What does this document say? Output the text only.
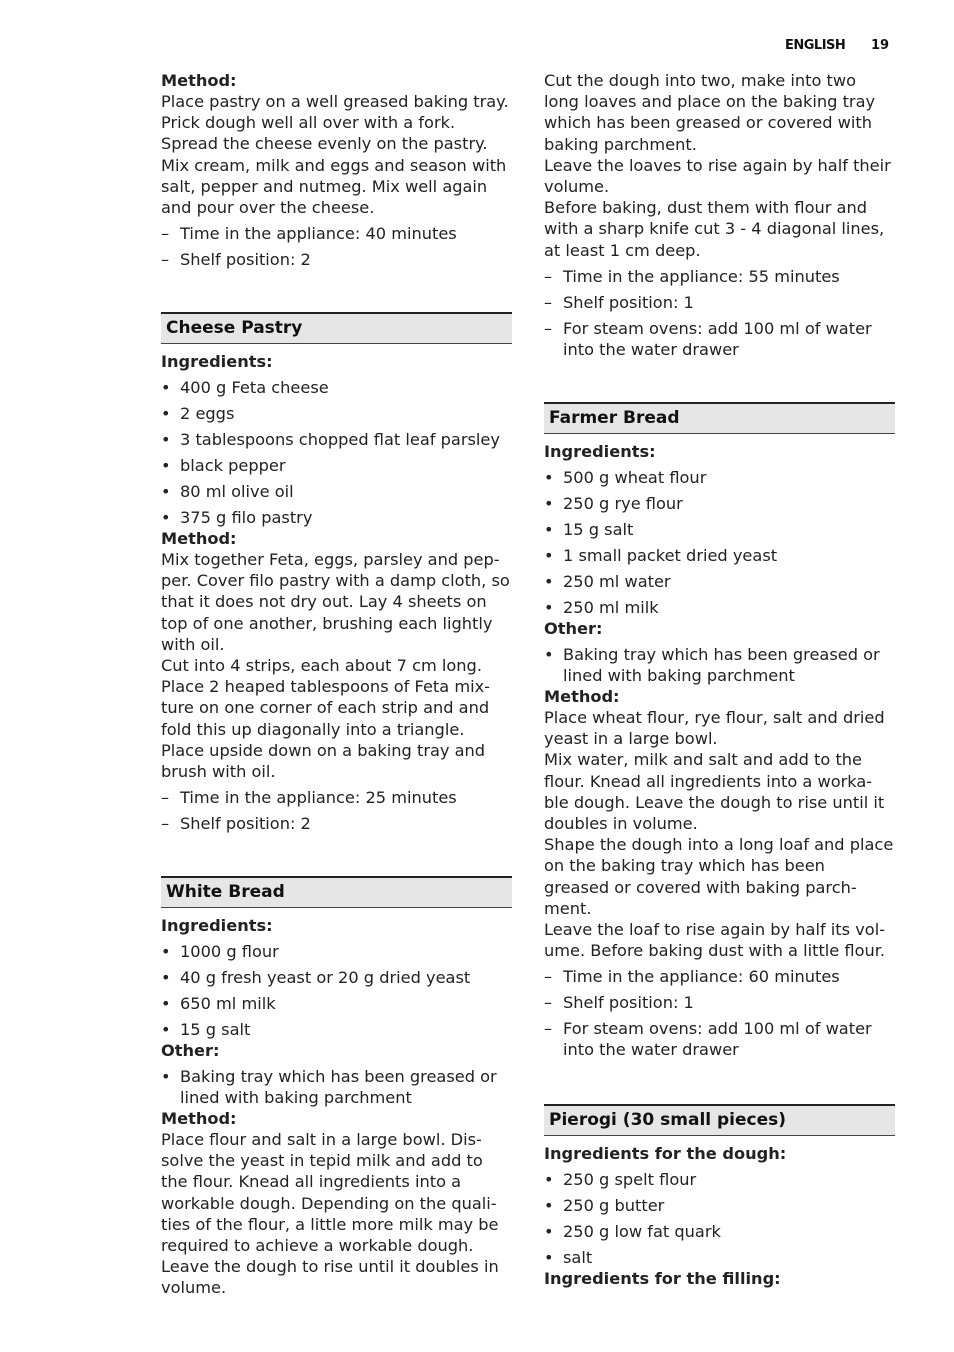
ENGLISH 19
Method:
Place pastry on a well greased baking tray. Prick dough well all over with a fork. Spread the cheese evenly on the pastry. Mix cream, milk and eggs and season with salt, pepper and nutmeg. Mix well again and pour over the cheese.
– Time in the appliance: 40 minutes
– Shelf position: 2
Cheese Pastry
Ingredients:
• 400 g Feta cheese
• 2 eggs
• 3 tablespoons chopped flat leaf parsley
• black pepper
• 80 ml olive oil
• 375 g filo pastry
Method:
Mix together Feta, eggs, parsley and pep-per. Cover filo pastry with a damp cloth, so that it does not dry out. Lay 4 sheets on top of one another, brushing each lightly with oil.
Cut into 4 strips, each about 7 cm long. Place 2 heaped tablespoons of Feta mix-ture on one corner of each strip and and fold this up diagonally into a triangle. Place upside down on a baking tray and brush with oil.
– Time in the appliance: 25 minutes
– Shelf position: 2
White Bread
Ingredients:
• 1000 g flour
• 40 g fresh yeast or 20 g dried yeast
• 650 ml milk
• 15 g salt
Other:
• Baking tray which has been greased or lined with baking parchment
Method:
Place flour and salt in a large bowl. Dis-solve the yeast in tepid milk and add to the flour. Knead all ingredients into a workable dough. Depending on the quali-ties of the flour, a little more milk may be required to achieve a workable dough. Leave the dough to rise until it doubles in volume.
Cut the dough into two, make into two long loaves and place on the baking tray which has been greased or covered with baking parchment.
Leave the loaves to rise again by half their volume.
Before baking, dust them with flour and with a sharp knife cut 3 - 4 diagonal lines, at least 1 cm deep.
– Time in the appliance: 55 minutes
– Shelf position: 1
– For steam ovens: add 100 ml of water into the water drawer
Farmer Bread
Ingredients:
• 500 g wheat flour
• 250 g rye flour
• 15 g salt
• 1 small packet dried yeast
• 250 ml water
• 250 ml milk
Other:
• Baking tray which has been greased or lined with baking parchment
Method:
Place wheat flour, rye flour, salt and dried yeast in a large bowl.
Mix water, milk and salt and add to the flour. Knead all ingredients into a worka-ble dough. Leave the dough to rise until it doubles in volume.
Shape the dough into a long loaf and place on the baking tray which has been greased or covered with baking parch-ment.
Leave the loaf to rise again by half its vol-ume. Before baking dust with a little flour.
– Time in the appliance: 60 minutes
– Shelf position: 1
– For steam ovens: add 100 ml of water into the water drawer
Pierogi (30 small pieces)
Ingredients for the dough:
• 250 g spelt flour
• 250 g butter
• 250 g low fat quark
• salt
Ingredients for the filling:
